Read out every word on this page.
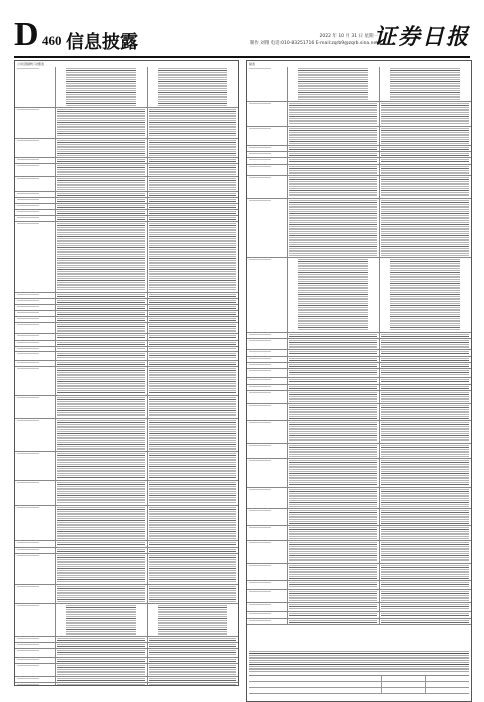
D 460 信息披露	2022 年 10 月 31 日 星期一
制作 刘翔 电话:010-83251716 E-mail:zqrb9@zqrb.sina.net
证券日报
公司章程修订对照表	续表
